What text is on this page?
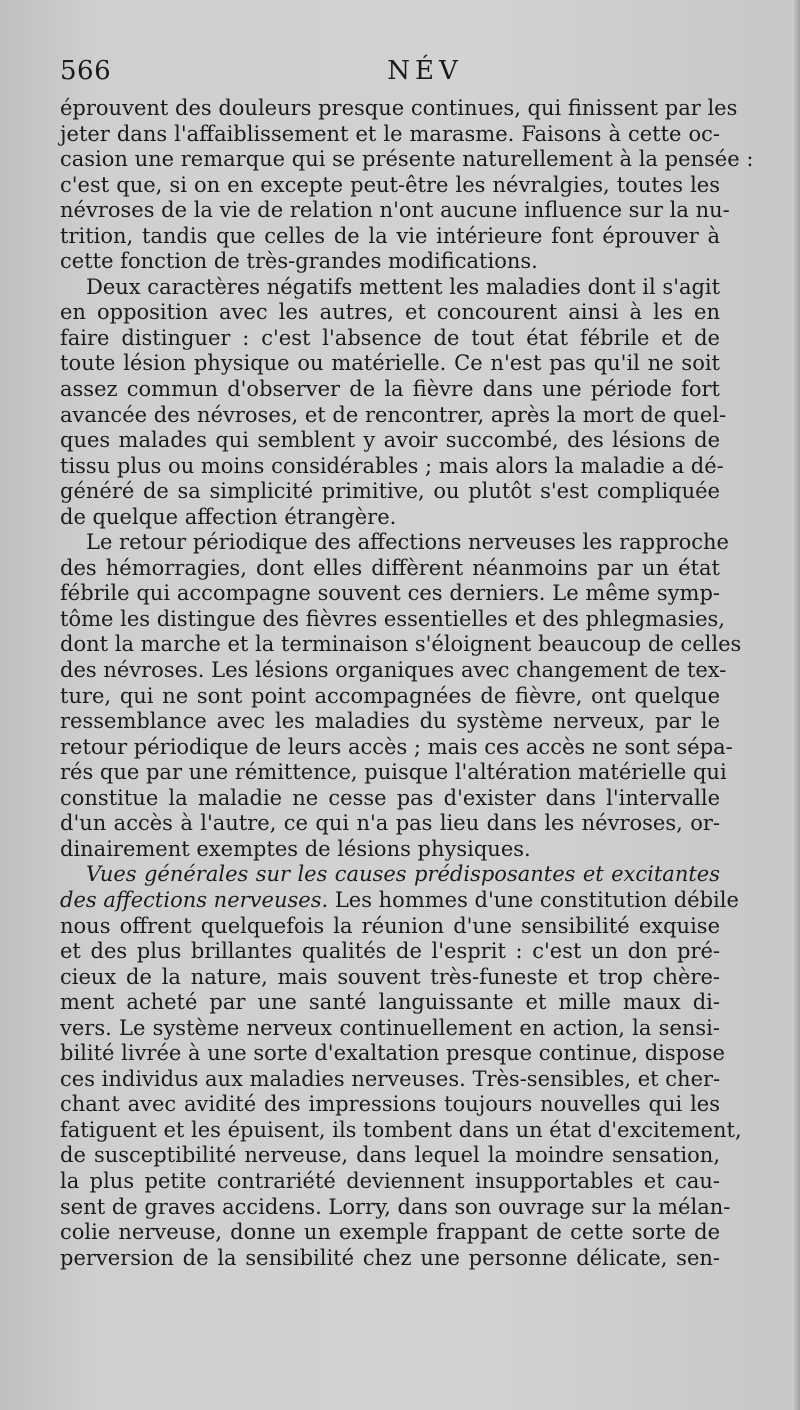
566	NÉV
éprouvent des douleurs presque continues, qui finissent par les
jeter dans l'affaiblissement et le marasme. Faisons à cette oc-
casion une remarque qui se présente naturellement à la pensée :
c'est que, si on en excepte peut-être les névralgies, toutes les
névroses de la vie de relation n'ont aucune influence sur la nu-
trition, tandis que celles de la vie intérieure font éprouver à
cette fonction de très-grandes modifications.
Deux caractères négatifs mettent les maladies dont il s'agit
en opposition avec les autres, et concourent ainsi à les en
faire distinguer : c'est l'absence de tout état fébrile et de
toute lésion physique ou matérielle. Ce n'est pas qu'il ne soit
assez commun d'observer de la fièvre dans une période fort
avancée des névroses, et de rencontrer, après la mort de quel-
ques malades qui semblent y avoir succombé, des lésions de
tissu plus ou moins considérables ; mais alors la maladie a dé-
généré de sa simplicité primitive, ou plutôt s'est compliquée
de quelque affection étrangère.
Le retour périodique des affections nerveuses les rapproche
des hémorragies, dont elles diffèrent néanmoins par un état
fébrile qui accompagne souvent ces derniers. Le même symp-
tôme les distingue des fièvres essentielles et des phlegmasies,
dont la marche et la terminaison s'éloignent beaucoup de celles
des névroses. Les lésions organiques avec changement de tex-
ture, qui ne sont point accompagnées de fièvre, ont quelque
ressemblance avec les maladies du système nerveux, par le
retour périodique de leurs accès ; mais ces accès ne sont sépa-
rés que par une rémittence, puisque l'altération matérielle qui
constitue la maladie ne cesse pas d'exister dans l'intervalle
d'un accès à l'autre, ce qui n'a pas lieu dans les névroses, or-
dinairement exemptes de lésions physiques.
Vues générales sur les causes prédisposantes et excitantes
des affections nerveuses. Les hommes d'une constitution débile
nous offrent quelquefois la réunion d'une sensibilité exquise
et des plus brillantes qualités de l'esprit : c'est un don pré-
cieux de la nature, mais souvent très-funeste et trop chère-
ment acheté par une santé languissante et mille maux di-
vers. Le système nerveux continuellement en action, la sensi-
bilité livrée à une sorte d'exaltation presque continue, dispose
ces individus aux maladies nerveuses. Très-sensibles, et cher-
chant avec avidité des impressions toujours nouvelles qui les
fatiguent et les épuisent, ils tombent dans un état d'excitement,
de susceptibilité nerveuse, dans lequel la moindre sensation,
la plus petite contrariété deviennent insupportables et cau-
sent de graves accidens. Lorry, dans son ouvrage sur la mélan-
colie nerveuse, donne un exemple frappant de cette sorte de
perversion de la sensibilité chez une personne délicate, sen-
